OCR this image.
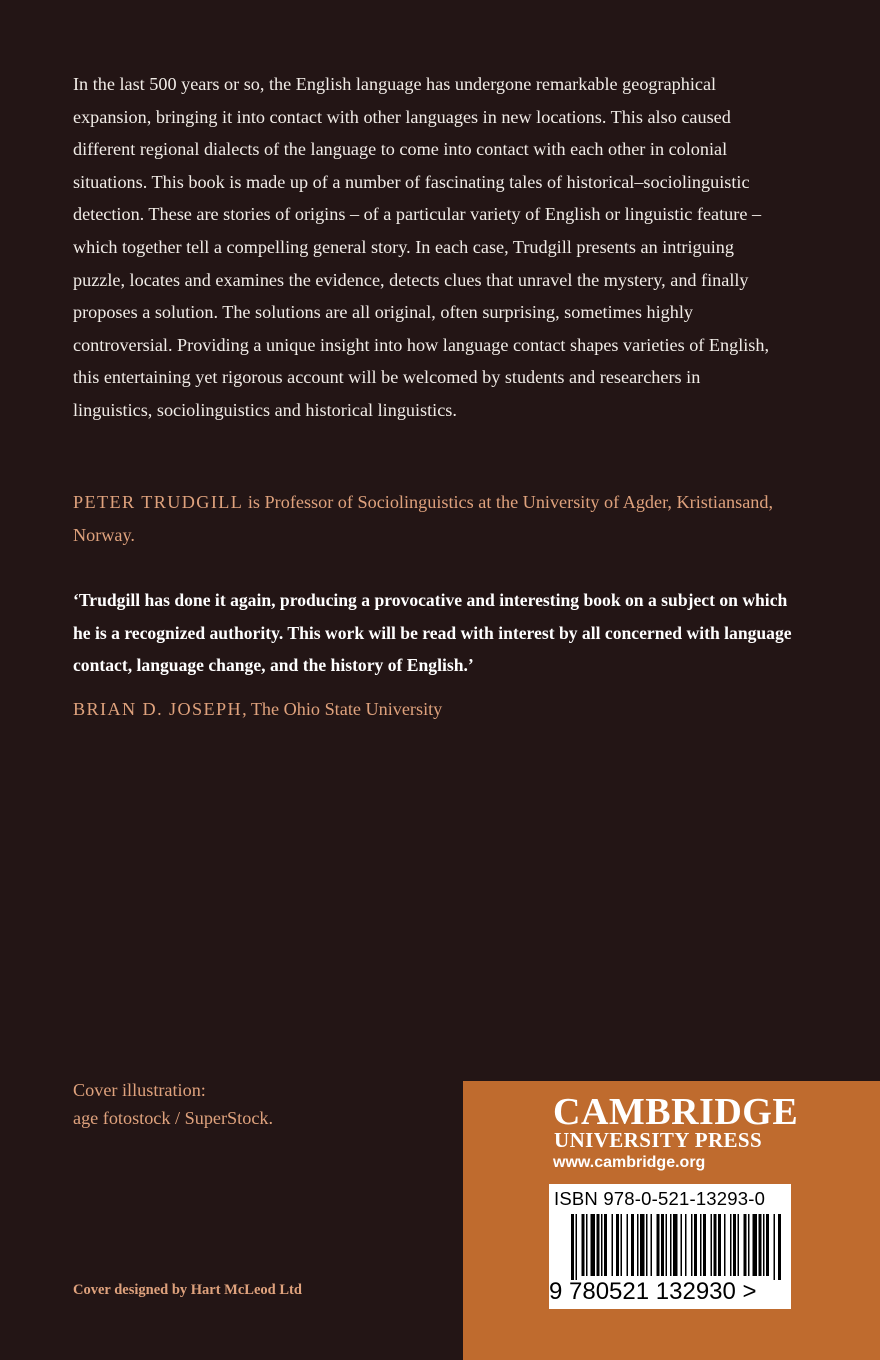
In the last 500 years or so, the English language has undergone remarkable geographical expansion, bringing it into contact with other languages in new locations. This also caused different regional dialects of the language to come into contact with each other in colonial situations. This book is made up of a number of fascinating tales of historical–sociolinguistic detection. These are stories of origins – of a particular variety of English or linguistic feature – which together tell a compelling general story. In each case, Trudgill presents an intriguing puzzle, locates and examines the evidence, detects clues that unravel the mystery, and finally proposes a solution. The solutions are all original, often surprising, sometimes highly controversial. Providing a unique insight into how language contact shapes varieties of English, this entertaining yet rigorous account will be welcomed by students and researchers in linguistics, sociolinguistics and historical linguistics.

PETER TRUDGILL is Professor of Sociolinguistics at the University of Agder, Kristiansand, Norway.

‘Trudgill has done it again, producing a provocative and interesting book on a subject on which he is a recognized authority. This work will be read with interest by all concerned with language contact, language change, and the history of English.’

BRIAN D. JOSEPH, The Ohio State University

Cover illustration:
age fotostock / SuperStock.
Cover designed by Hart McLeod Ltd
CAMBRIDGE
UNIVERSITY PRESS
www.cambridge.org
ISBN 978-0-521-13293-0
9 780521 132930 >
